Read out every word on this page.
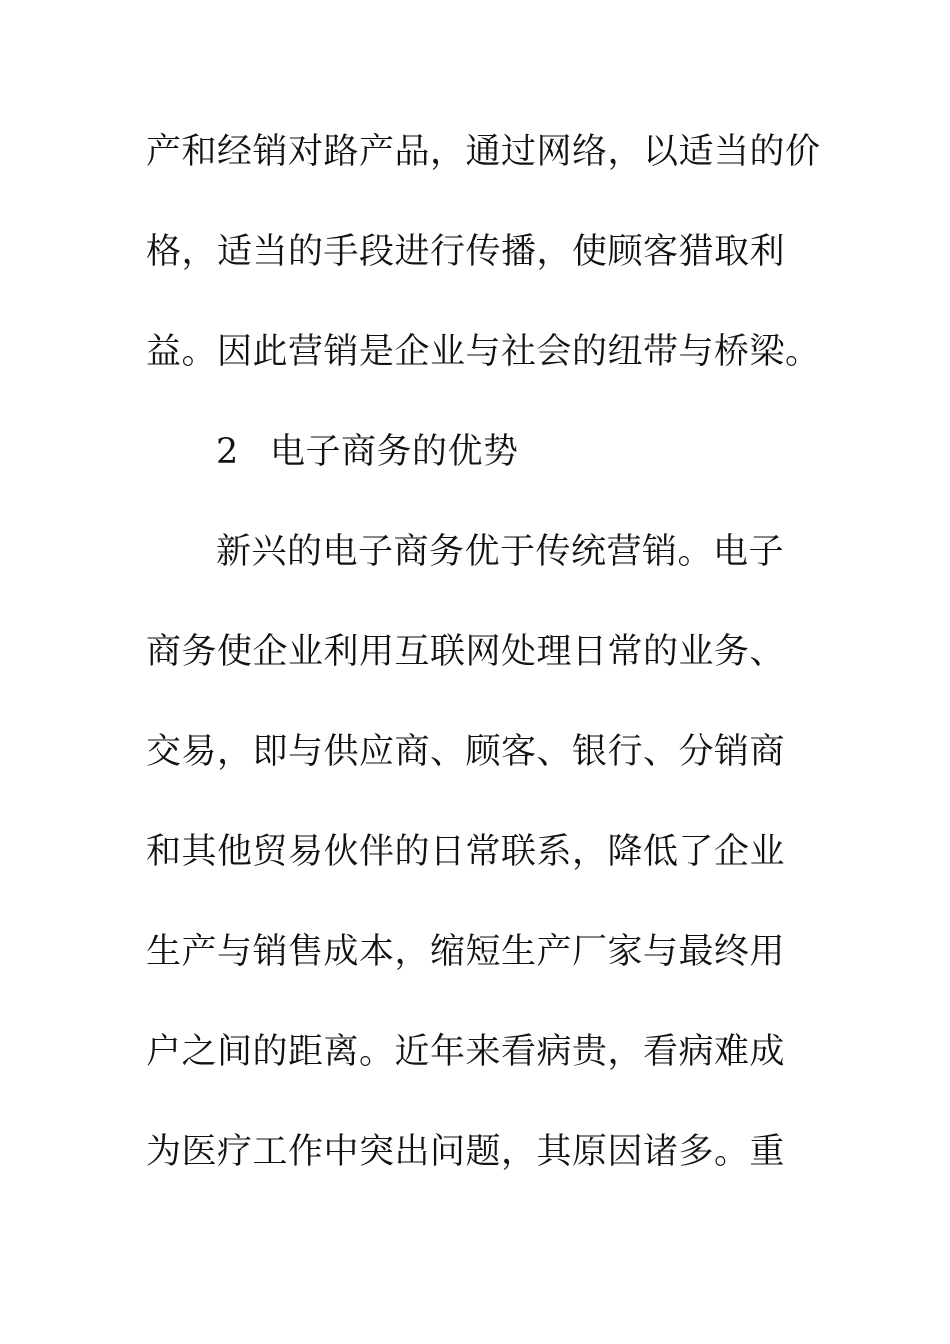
产和经销对路产品，通过网络，以适当的价

格，适当的手段进行传播，使顾客猎取利

益。因此营销是企业与社会的纽带与桥梁。

2 电子商务的优势

新兴的电子商务优于传统营销。电子

商务使企业利用互联网处理日常的业务、

交易，即与供应商、顾客、银行、分销商

和其他贸易伙伴的日常联系，降低了企业

生产与销售成本，缩短生产厂家与最终用

户之间的距离。近年来看病贵，看病难成

为医疗工作中突出问题，其原因诸多。重
